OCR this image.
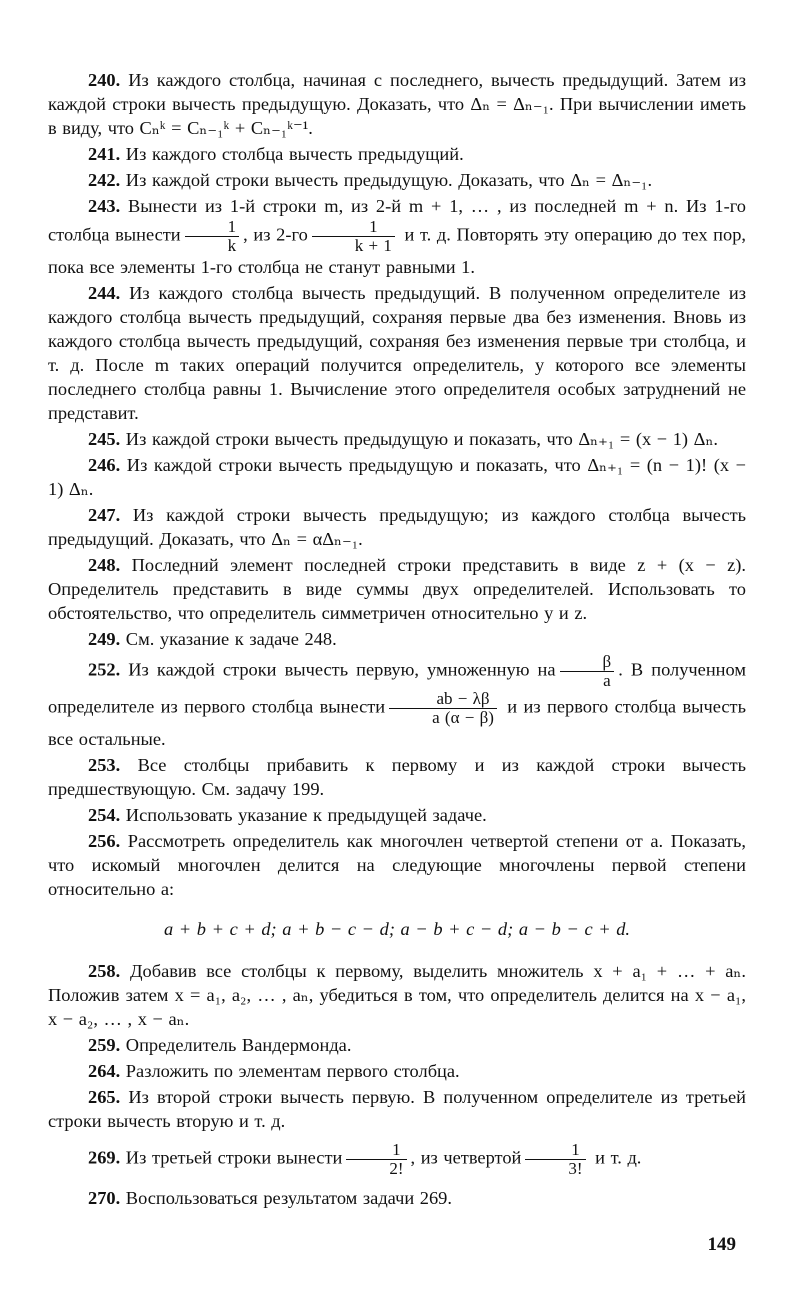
240. Из каждого столбца, начиная с последнего, вычесть предыдущий. Затем из каждой строки вычесть предыдущую. Доказать, что Δₙ = Δₙ₋₁. При вычислении иметь в виду, что Cₙᵏ = Cₙ₋₁ᵏ + Cₙ₋₁ᵏ⁻¹.

241. Из каждого столбца вычесть предыдущий.

242. Из каждой строки вычесть предыдущую. Доказать, что Δₙ = Δₙ₋₁.

243. Вынести из 1-й строки m, из 2-й m + 1, … , из последней m + n. Из 1-го столбца вынести $\frac{1}{k}$ , из $2-го \frac{1}{k + 1}$ и т. д. Повторять эту операцию до тех пор, пока все элементы 1-го столбца не станут равными 1.

244. Из каждого столбца вычесть предыдущий. В полученном определителе из каждого столбца вычесть предыдущий, сохраняя первые два без изменения. Вновь из каждого столбца вычесть предыдущий, сохраняя без изменения первые три столбца, и т. д. После m таких операций получится определитель, у которого все элементы последнего столбца равны 1. Вычисление этого определителя особых затруднений не представит.

245. Из каждой строки вычесть предыдущую и показать, что Δₙ₊₁ = (x − 1) Δₙ.

246. Из каждой строки вычесть предыдущую и показать, что Δₙ₊₁ = (n − 1)! (x − 1) Δₙ.

247. Из каждой строки вычесть предыдущую; из каждого столбца вычесть предыдущий. Доказать, что Δₙ = αΔₙ₋₁.

248. Последний элемент последней строки представить в виде z + (x − z). Определитель представить в виде суммы двух определителей. Использовать то обстоятельство, что определитель симметричен относительно y и z.

249. См. указание к задаче 248.

252. Из каждой строки вычесть первую, умноженную на $\frac{\beta}{a}$ . В полученном определителе из первого столбца вынести $\frac{ab - \lambda\beta}{a (\alpha - \beta)}$ и из первого столбца вычесть все остальные.

253. Все столбцы прибавить к первому и из каждой строки вычесть предшествующую. См. задачу 199.

254. Использовать указание к предыдущей задаче.

256. Рассмотреть определитель как многочлен четвертой степени от a. Показать, что искомый многочлен делится на следующие многочлены первой степени относительно a:

a + b + c + d; a + b − c − d; a − b + c − d; a − b − c + d.

258. Добавив все столбцы к первому, выделить множитель x + a₁ + … + aₙ. Положив затем x = a₁, a₂, … , aₙ, убедиться в том, что определитель делится на x − a₁, x − a₂, … , x − aₙ.

259. Определитель Вандермонда.

264. Разложить по элементам первого столбца.

265. Из второй строки вычесть первую. В полученном определителе из третьей строки вычесть вторую и т. д.

269. Из третьей строки вынести $\frac{1}{2!}$ , из четвертой $\frac{1}{3!}$ и т. д.

270. Воспользоваться результатом задачи 269.

149
